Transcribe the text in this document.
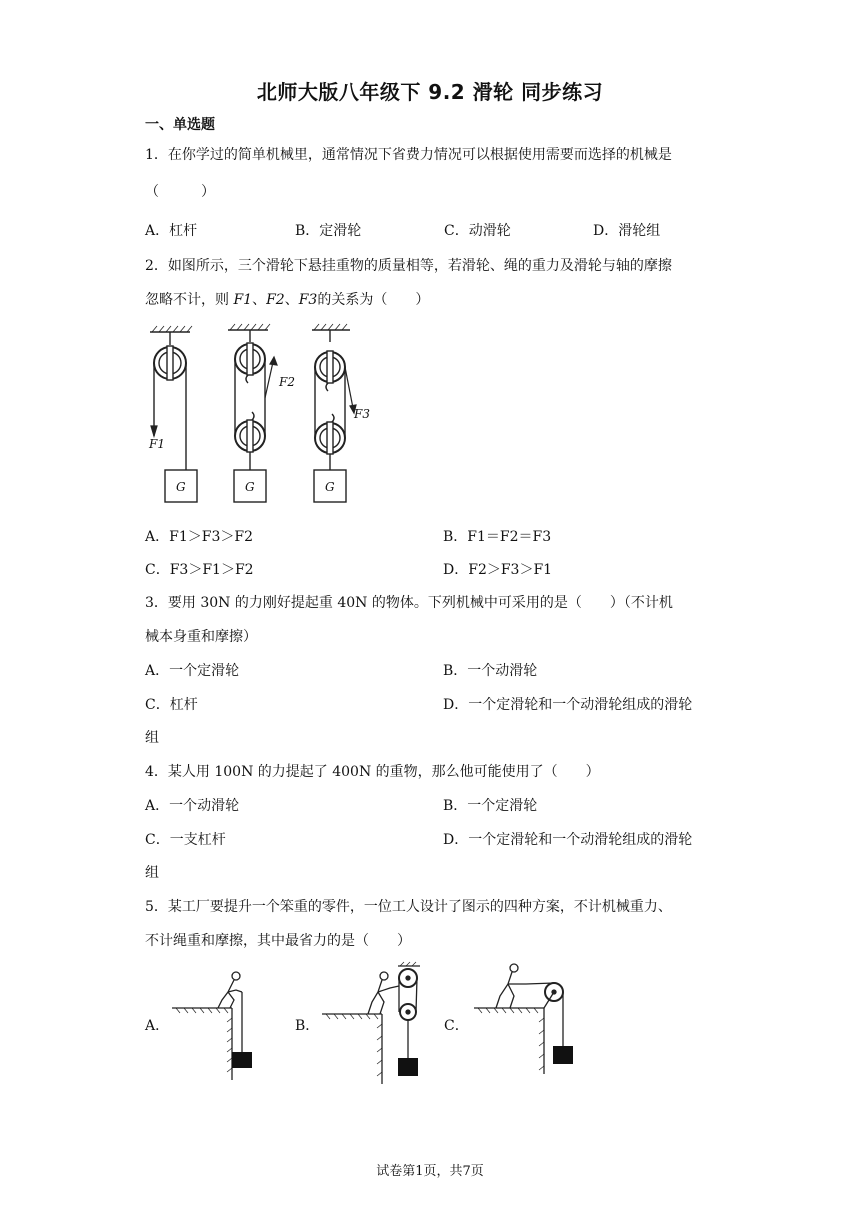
北师大版八年级下 9.2 滑轮 同步练习
一、单选题
1．在你学过的简单机械里，通常情况下省费力情况可以根据使用需要而选择的机械是
（　　　）
A．杠杆	B．定滑轮	C．动滑轮	D．滑轮组
2．如图所示，三个滑轮下悬挂重物的质量相等，若滑轮、绳的重力及滑轮与轴的摩擦
忽略不计，则 F1、F2、F3的关系为（　　）
F1
F2
F3
G	G	G
A．F1＞F3＞F2	B．F1＝F2＝F3
C．F3＞F1＞F2	D．F2＞F3＞F1
3．要用 30N 的力刚好提起重 40N 的物体。下列机械中可采用的是（　　）（不计机
械本身重和摩擦）
A．一个定滑轮	B．一个动滑轮
C．杠杆	D．一个定滑轮和一个动滑轮组成的滑轮
组
4．某人用 100N 的力提起了 400N 的重物，那么他可能使用了（　　）
A．一个动滑轮	B．一个定滑轮
C．一支杠杆	D．一个定滑轮和一个动滑轮组成的滑轮
组
5．某工厂要提升一个笨重的零件，一位工人设计了图示的四种方案，不计机械重力、
不计绳重和摩擦，其中最省力的是（　　）
A．	B．	C．
试卷第1页，共7页
